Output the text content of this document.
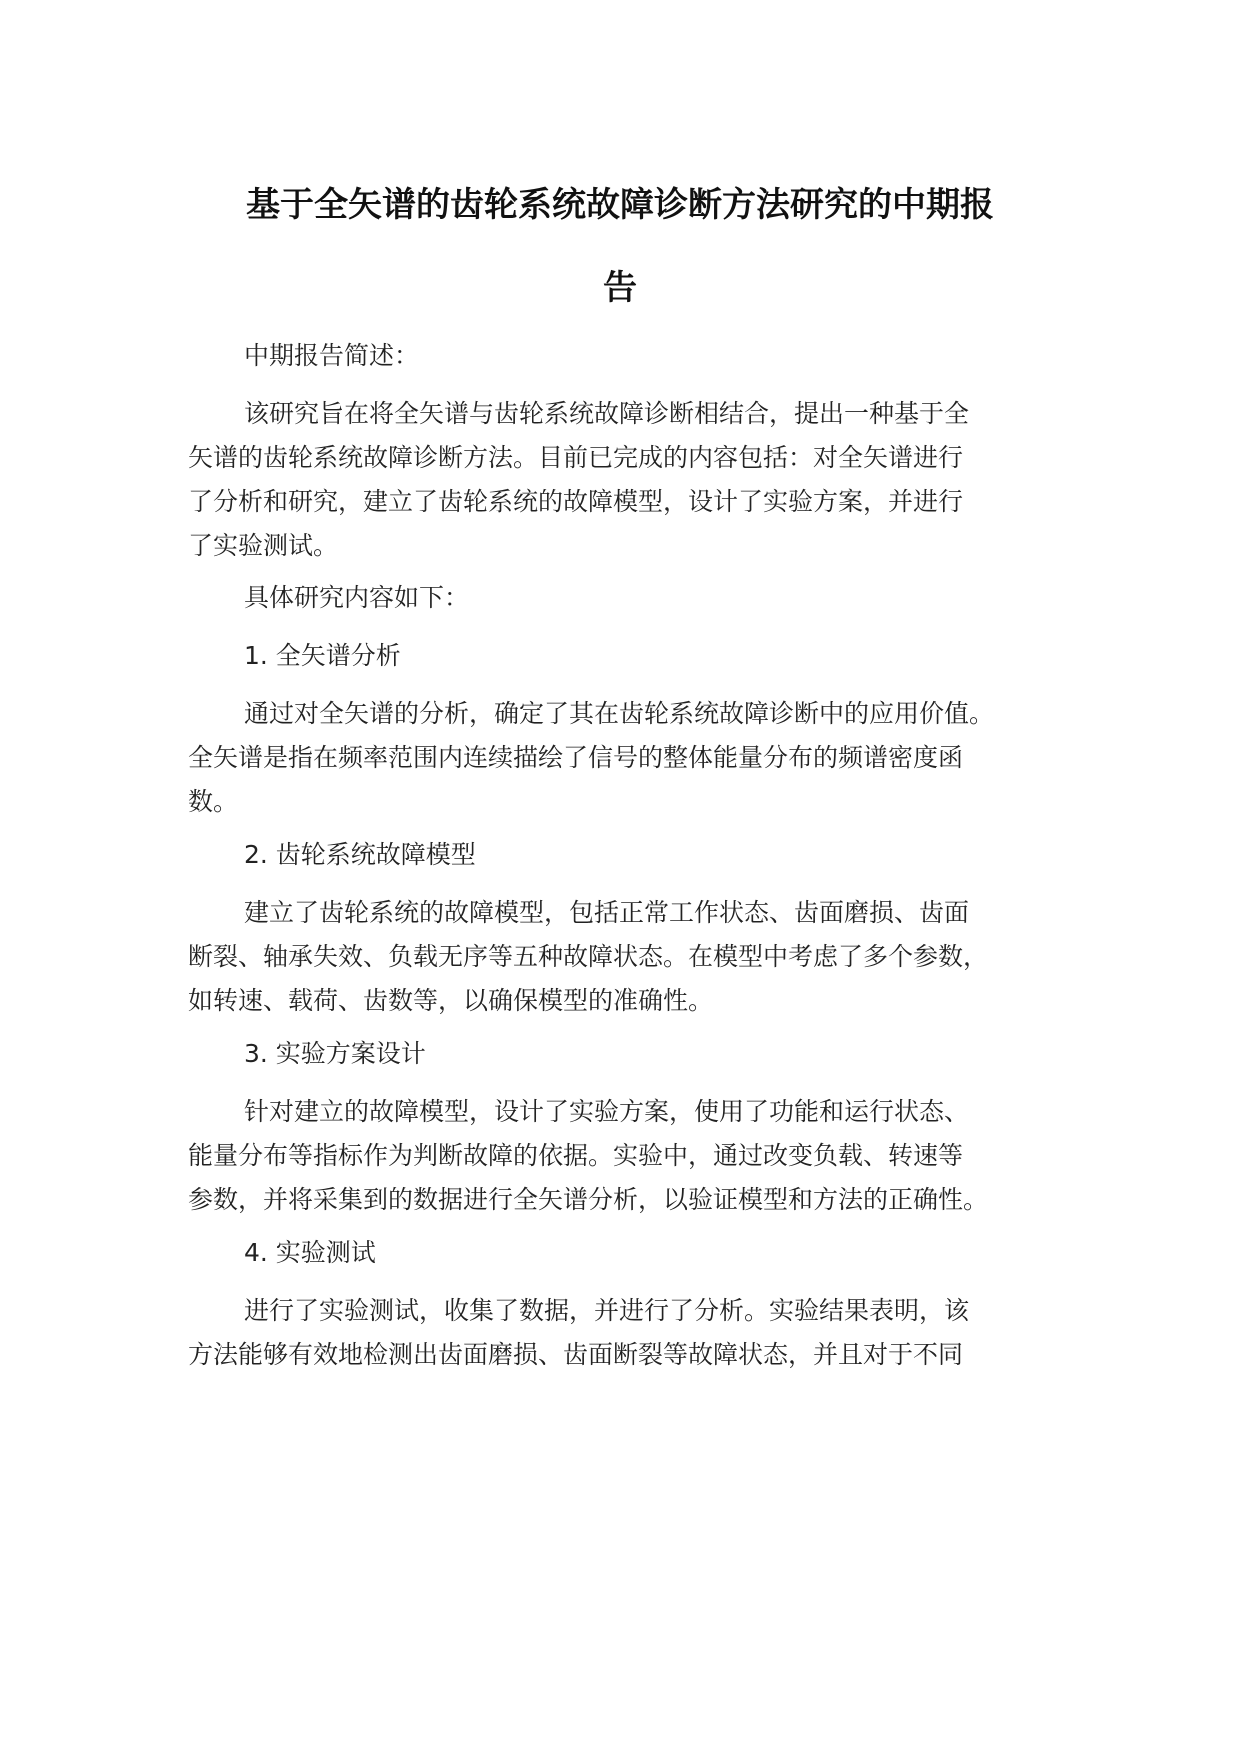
基于全矢谱的齿轮系统故障诊断方法研究的中期报
告
中期报告简述：
该研究旨在将全矢谱与齿轮系统故障诊断相结合，提出一种基于全
矢谱的齿轮系统故障诊断方法。目前已完成的内容包括：对全矢谱进行
了分析和研究，建立了齿轮系统的故障模型，设计了实验方案，并进行
了实验测试。
具体研究内容如下：
1. 全矢谱分析
通过对全矢谱的分析，确定了其在齿轮系统故障诊断中的应用价值。
全矢谱是指在频率范围内连续描绘了信号的整体能量分布的频谱密度函
数。
2. 齿轮系统故障模型
建立了齿轮系统的故障模型，包括正常工作状态、齿面磨损、齿面
断裂、轴承失效、负载无序等五种故障状态。在模型中考虑了多个参数，
如转速、载荷、齿数等，以确保模型的准确性。
3. 实验方案设计
针对建立的故障模型，设计了实验方案，使用了功能和运行状态、
能量分布等指标作为判断故障的依据。实验中，通过改变负载、转速等
参数，并将采集到的数据进行全矢谱分析，以验证模型和方法的正确性。
4. 实验测试
进行了实验测试，收集了数据，并进行了分析。实验结果表明，该
方法能够有效地检测出齿面磨损、齿面断裂等故障状态，并且对于不同
